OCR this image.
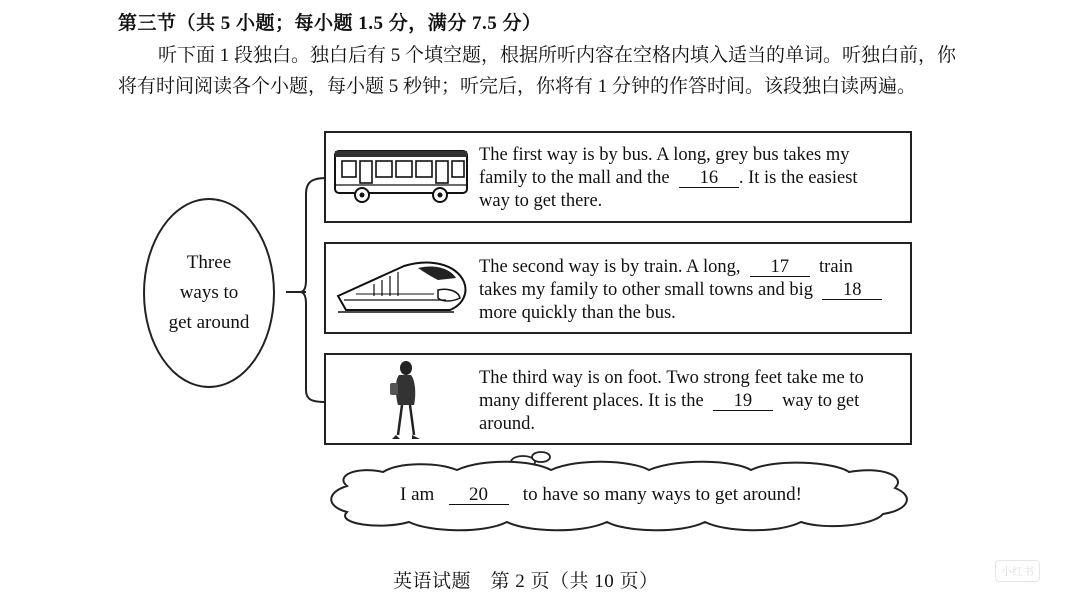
第三节（共 5 小题；每小题 1.5 分，满分 7.5 分）
听下面 1 段独白。独白后有 5 个填空题，根据所听内容在空格内填入适当的单词。听独白前，你将有时间阅读各个小题，每小题 5 秒钟；听完后，你将有 1 分钟的作答时间。该段独白读两遍。
Three
ways to
get around
The first way is by bus. A long, grey bus takes my
family to the mall and the 16 . It is the easiest
way to get there.
The second way is by train. A long, 17 train
takes my family to other small towns and big 18
more quickly than the bus.
The third way is on foot. Two strong feet take me to
many different places. It is the 19 way to get
around.
I am 20 to have so many ways to get around!
英语试题　第 2 页（共 10 页）	小红书
